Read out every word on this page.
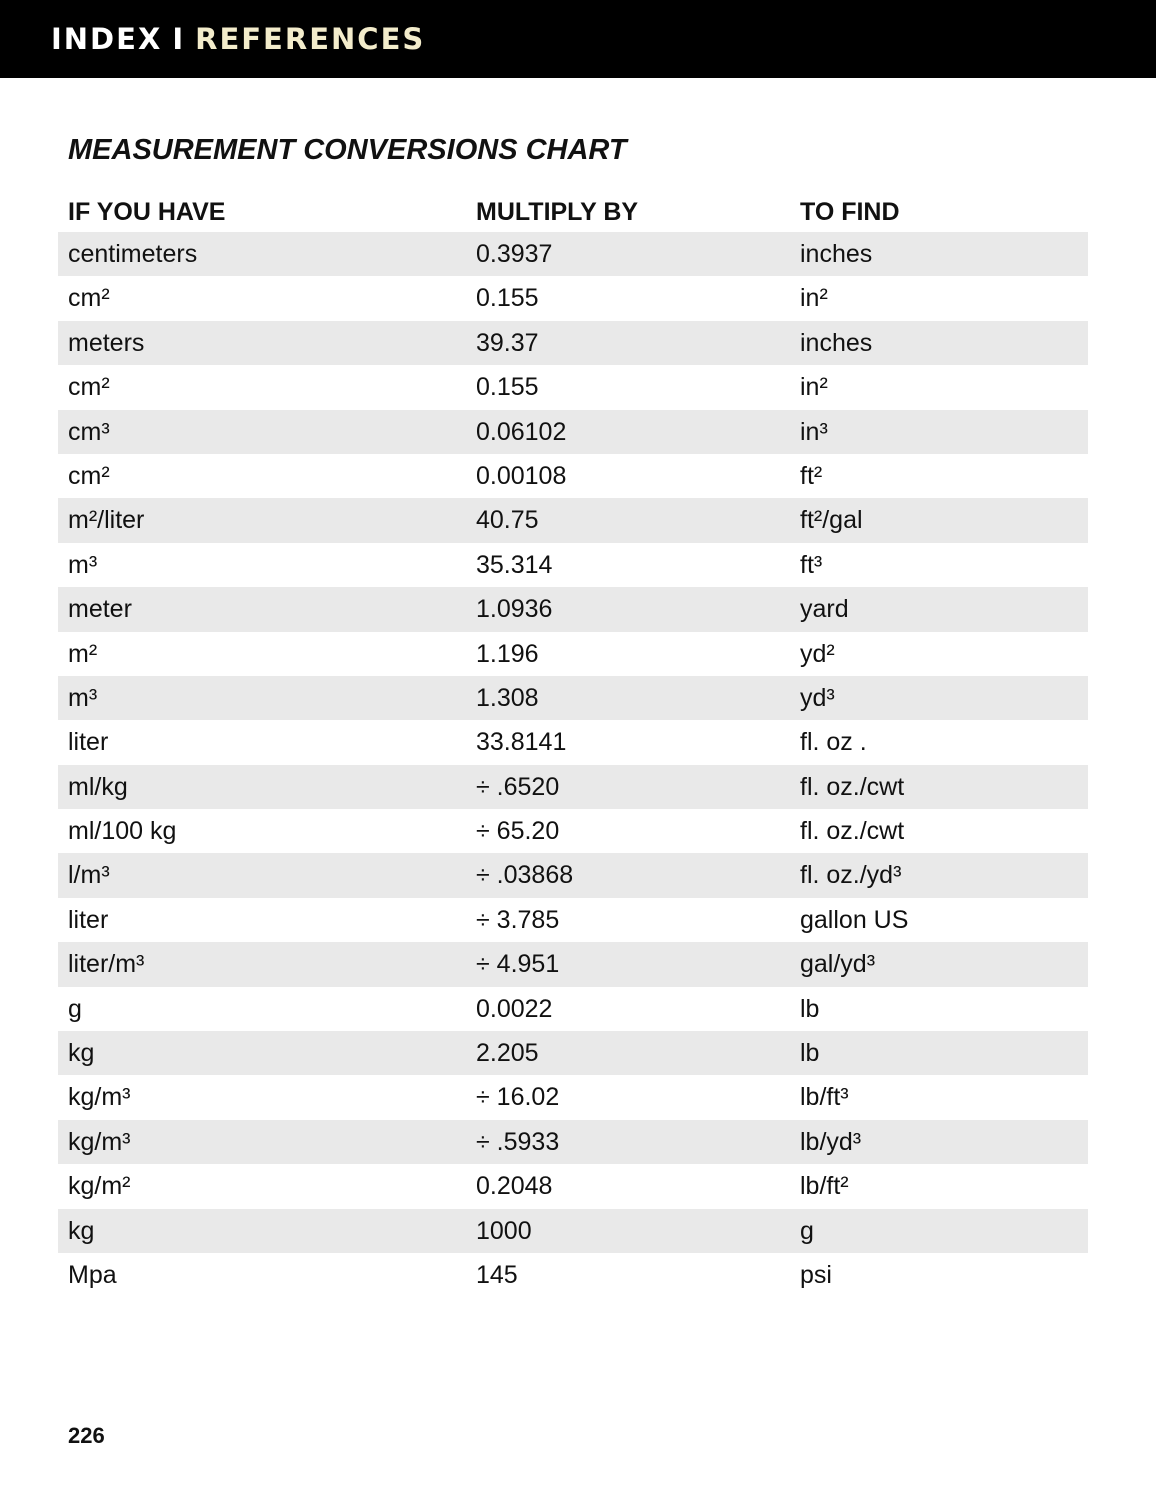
INDEX I REFERENCES
MEASUREMENT CONVERSIONS CHART
IF YOU HAVE	MULTIPLY BY	TO FIND
centimeters	0.3937	inches
cm²	0.155	in²
meters	39.37	inches
cm²	0.155	in²
cm³	0.06102	in³
cm²	0.00108	ft²
m²/liter	40.75	ft²/gal
m³	35.314	ft³
meter	1.0936	yard
m²	1.196	yd²
m³	1.308	yd³
liter	33.8141	fl. oz .
ml/kg	÷ .6520	fl. oz./cwt
ml/100 kg	÷ 65.20	fl. oz./cwt
l/m³	÷ .03868	fl. oz./yd³
liter	÷ 3.785	gallon US
liter/m³	÷ 4.951	gal/yd³
g	0.0022	lb
kg	2.205	lb
kg/m³	÷ 16.02	lb/ft³
kg/m³	÷ .5933	lb/yd³
kg/m²	0.2048	lb/ft²
kg	1000	g
Mpa	145	psi
226
